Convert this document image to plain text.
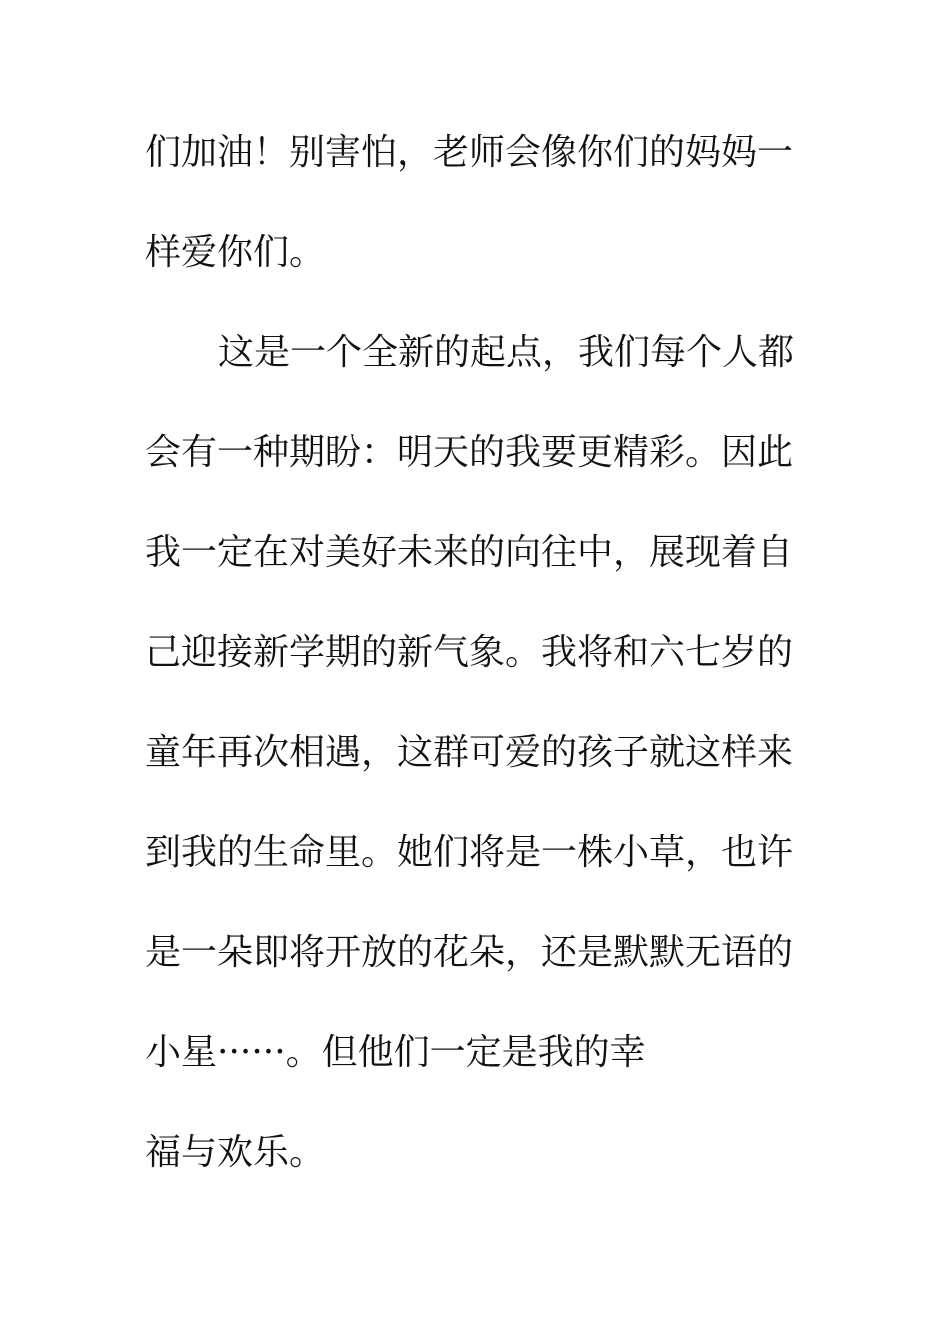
们加油！别害怕，老师会像你们的妈妈一

样爱你们。

这是一个全新的起点，我们每个人都

会有一种期盼：明天的我要更精彩。因此

我一定在对美好未来的向往中，展现着自

己迎接新学期的新气象。我将和六七岁的

童年再次相遇，这群可爱的孩子就这样来

到我的生命里。她们将是一株小草，也许

是一朵即将开放的花朵，还是默默无语的

小星······。但他们一定是我的幸

福与欢乐。
